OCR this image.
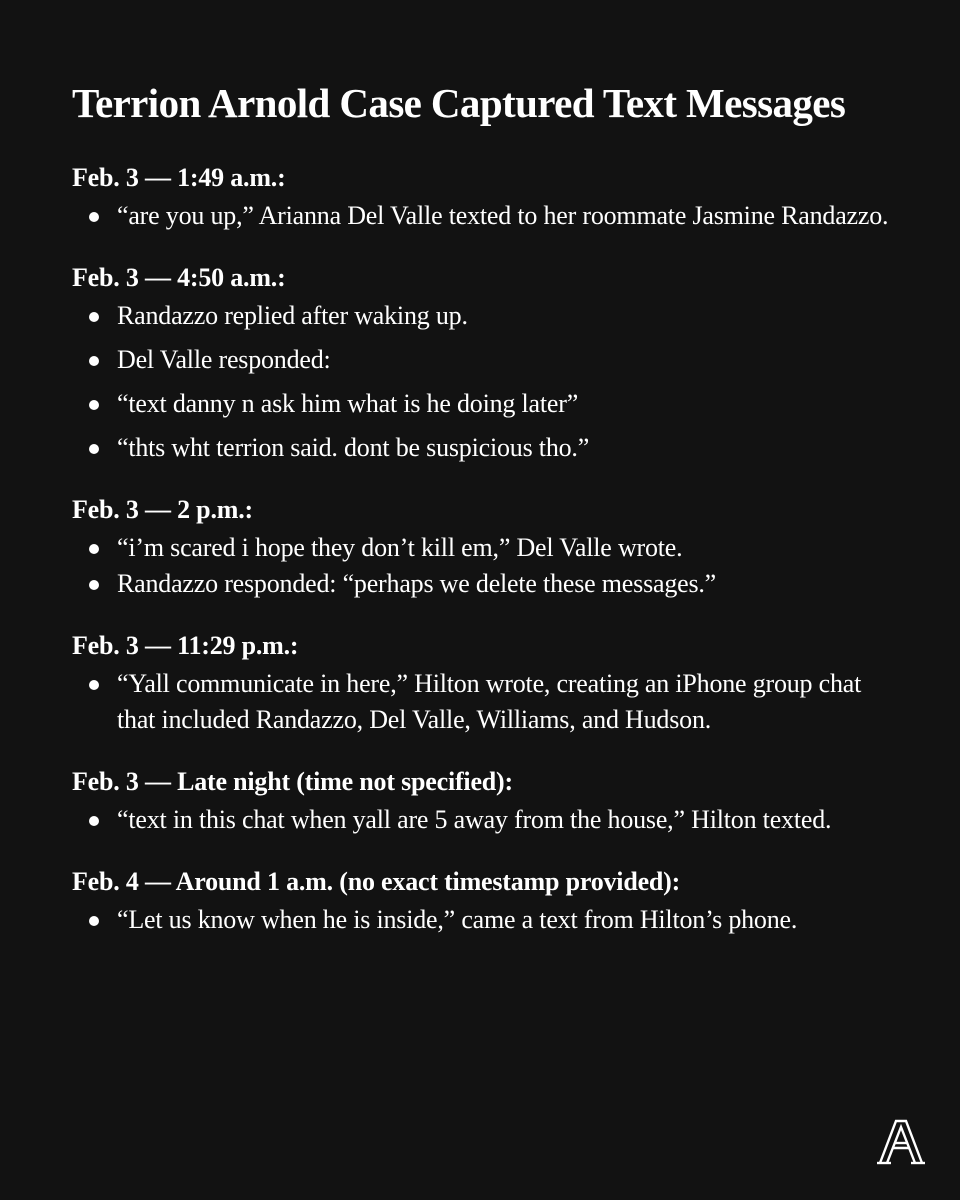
Terrion Arnold Case Captured Text Messages

Feb. 3 — 1:49 a.m.:

“are you up,” Arianna Del Valle texted to her roommate Jasmine Randazzo.

Feb. 3 — 4:50 a.m.:

Randazzo replied after waking up.
Del Valle responded:
“text danny n ask him what is he doing later”
“thts wht terrion said. dont be suspicious tho.”

Feb. 3 — 2 p.m.:

“i’m scared i hope they don’t kill em,” Del Valle wrote.
Randazzo responded: “perhaps we delete these messages.”

Feb. 3 — 11:29 p.m.:

“Yall communicate in here,” Hilton wrote, creating an iPhone group chat that included Randazzo, Del Valle, Williams, and Hudson.

Feb. 3 — Late night (time not specified):

“text in this chat when yall are 5 away from the house,” Hilton texted.

Feb. 4 — Around 1 a.m. (no exact timestamp provided):

“Let us know when he is inside,” came a text from Hilton’s phone.
